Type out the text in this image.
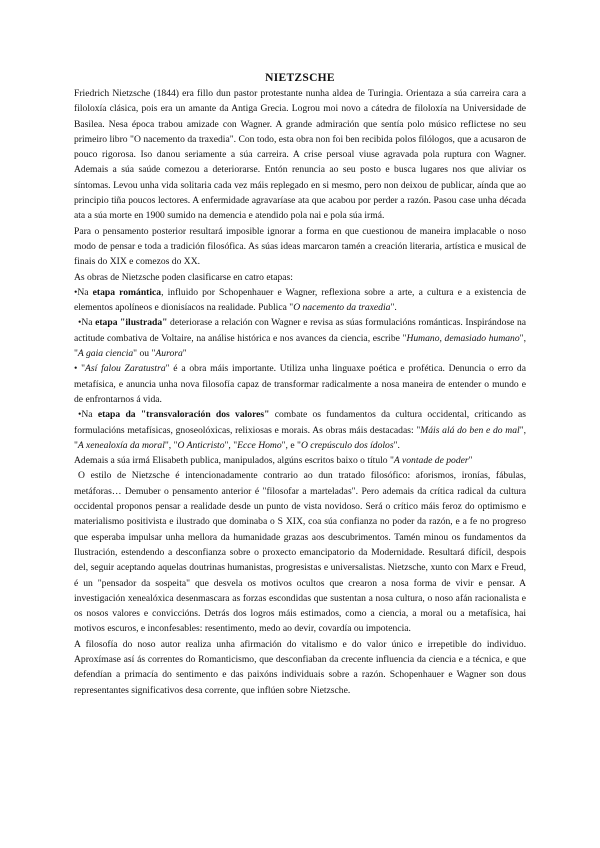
NIETZSCHE

Friedrich Nietzsche (1844) era fillo dun pastor protestante nunha aldea de Turingia. Orientaza a súa carreira cara a filoloxía clásica, pois era un amante da Antiga Grecia. Logrou moi novo a cátedra de filoloxía na Universidade de Basilea. Nesa época trabou amizade con Wagner. A grande admiración que sentía polo músico reflictese no seu primeiro libro "O nacemento da traxedia". Con todo, esta obra non foi ben recibida polos filólogos, que a acusaron de pouco rigorosa. Iso danou seriamente a súa carreira. A crise persoal viuse agravada pola ruptura con Wagner. Ademais a súa saúde comezou a deteriorarse. Entón renuncia ao seu posto e busca lugares nos que aliviar os síntomas. Levou unha vida solitaria cada vez máis replegado en si mesmo, pero non deixou de publicar, aínda que ao principio tiña poucos lectores. A enfermidade agravaríase ata que acabou por perder a razón. Pasou case unha década ata a súa morte en 1900 sumido na demencia e atendido pola nai e pola súa irmá.

Para o pensamento posterior resultará imposible ignorar a forma en que cuestionou de maneira implacable o noso modo de pensar e toda a tradición filosófica. As súas ideas marcaron tamén a creación literaria, artística e musical de finais do XIX e comezos do XX.

As obras de Nietzsche poden clasificarse en catro etapas:

•Na etapa romántica, influido por Schopenhauer e Wagner, reflexiona sobre a arte, a cultura e a existencia de elementos apolíneos e dionisíacos na realidade. Publica "O nacemento da traxedia".

•Na etapa "ilustrada" deteriorase a relación con Wagner e revisa as súas formulacións románticas. Inspirándose na actitude combativa de Voltaire, na análise histórica e nos avances da ciencia, escribe "Humano, demasiado humano", "A gaia ciencia" ou "Aurora"

• "Así falou Zaratustra" é a obra máis importante. Utiliza unha linguaxe poética e profética. Denuncia o erro da metafísica, e anuncia unha nova filosofía capaz de transformar radicalmente a nosa maneira de entender o mundo e de enfrontarnos á vida.

•Na etapa da "transvaloración dos valores" combate os fundamentos da cultura occidental, criticando as formulacións metafísicas, gnoseolóxicas, relixiosas e morais. As obras máis destacadas: "Máis alá do ben e do mal", "A xenealoxía da moral", "O Anticristo", "Ecce Homo", e "O crepúsculo dos ídolos".

Ademais a súa irmá Elisabeth publica, manipulados, algúns escritos baixo o título "A vontade de poder"

O estilo de Nietzsche é intencionadamente contrario ao dun tratado filosófico: aforismos, ironías, fábulas, metáforas… Demuber o pensamento anterior é "filosofar a marteladas". Pero ademais da crítica radical da cultura occidental proponos pensar a realidade desde un punto de vista novidoso. Será o crítico máis feroz do optimismo e materialismo positivista e ilustrado que dominaba o S XIX, coa súa confianza no poder da razón, e a fe no progreso que esperaba impulsar unha mellora da humanidade grazas aos descubrimentos. Tamén minou os fundamentos da Ilustración, estendendo a desconfianza sobre o proxecto emancipatorio da Modernidade. Resultará difícil, despois del, seguir aceptando aquelas doutrinas humanistas, progresistas e universalistas. Nietzsche, xunto con Marx e Freud, é un "pensador da sospeita" que desvela os motivos ocultos que crearon a nosa forma de vivir e pensar. A investigación xenealóxica desenmascara as forzas escondidas que sustentan a nosa cultura, o noso afán racionalista e os nosos valores e conviccións. Detrás dos logros máis estimados, como a ciencia, a moral ou a metafísica, hai motivos escuros, e inconfesables: resentimento, medo ao devir, covardía ou impotencia.

A filosofía do noso autor realiza unha afirmación do vitalismo e do valor único e irrepetible do individuo. Aproxímase así ás correntes do Romanticismo, que desconfiaban da crecente influencia da ciencia e a técnica, e que defendían a primacía do sentimento e das paixóns individuais sobre a razón. Schopenhauer e Wagner son dous representantes significativos desa corrente, que inflúen sobre Nietzsche.
